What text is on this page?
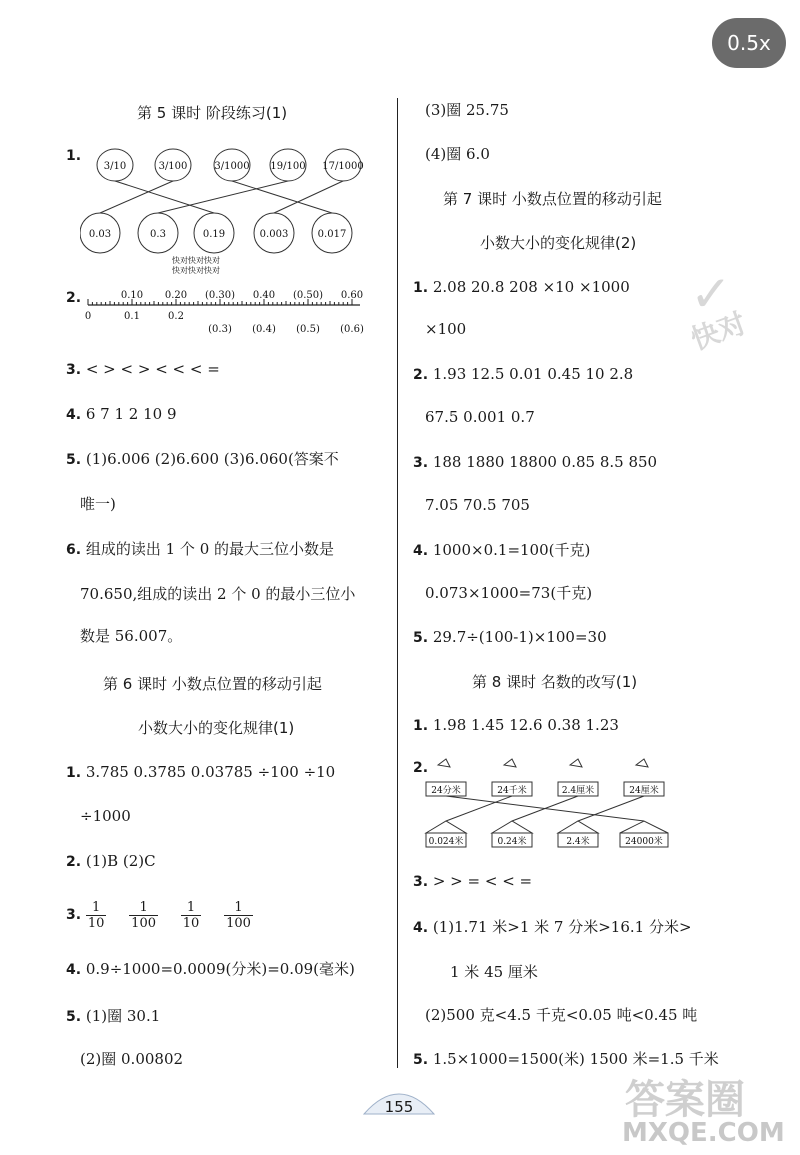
0.5x
第 5 课时 阶段练习(1)
1.
3/10	3/100	3/1000 19/100 17/1000
0.03	0.3	0.19	0.003	0.017
快对快对快对
快对快对快对
2.	0.10 0.20 (0.30) 0.40 (0.50) 0.60
0	0.1	0.2
(0.3) (0.4) (0.5) (0.6)
3. < > < > < < < =
4. 6 7 1 2 10 9
5. (1)6.006 (2)6.600 (3)6.060(答案不
唯一)
6. 组成的读出 1 个 0 的最大三位小数是
70.650,组成的读出 2 个 0 的最小三位小
数是 56.007。
第 6 课时 小数点位置的移动引起
小数大小的变化规律(1)
1. 3.785 0.3785 0.03785 ÷100 ÷10
÷1000
2. (1)B (2)C
3. $\frac{1}{10}$
$\frac{1}{100}$
$\frac{1}{10}$
$\frac{1}{100}$
4. 0.9÷1000=0.0009(分米)=0.09(毫米)
5. (1)圈 30.1
(2)圈 0.00802
(3)圈 25.75
(4)圈 6.0
第 7 课时 小数点位置的移动引起
小数大小的变化规律(2)
1. 2.08 20.8 208 ×10 ×1000
×100
2. 1.93 12.5 0.01 0.45 10 2.8
67.5 0.001 0.7
3. 188 1880 18800 0.85 8.5 850
7.05 70.5 705
4. 1000×0.1=100(千克)
0.073×1000=73(千克)
5. 29.7÷(100-1)×100=30
第 8 课时 名数的改写(1)
1. 1.98 1.45 12.6 0.38 1.23
2.
24分米	24千米	2.4厘米	24厘米
0.024米	0.24米	2.4米	24000米
3. > > = < < =
4. (1)1.71 米>1 米 7 分米>16.1 分米>
1 米 45 厘米
(2)500 克<4.5 千克<0.05 吨<0.45 吨
5. 1.5×1000=1500(米) 1500 米=1.5 千米
155
快对
✓
答案圈
MXQE.COM
